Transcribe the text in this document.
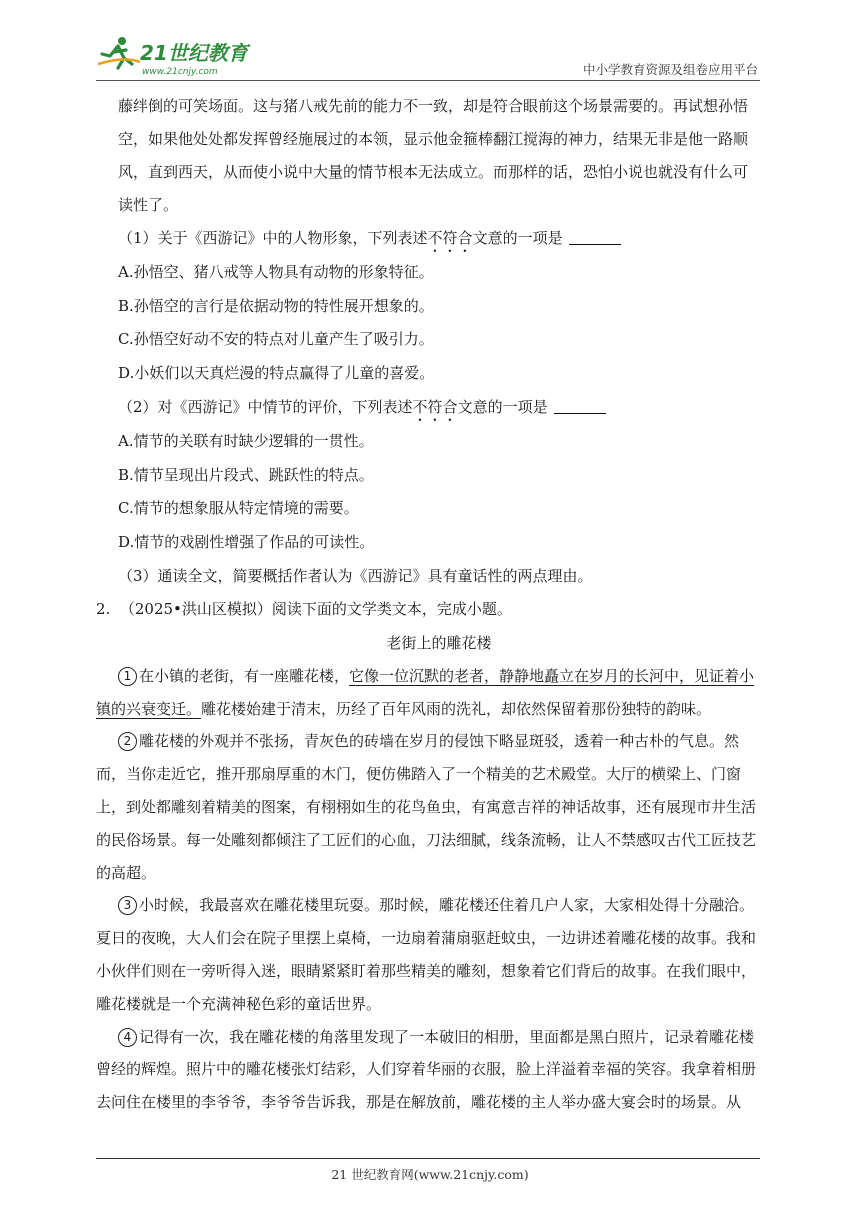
21世纪教育
www.21cnjy.com	中小学教育资源及组卷应用平台

藤绊倒的可笑场面。这与猪八戒先前的能力不一致，却是符合眼前这个场景需要的。再试想孙悟空，如果他处处都发挥曾经施展过的本领，显示他金箍棒翻江搅海的神力，结果无非是他一路顺风，直到西天，从而使小说中大量的情节根本无法成立。而那样的话，恐怕小说也就没有什么可读性了。

（1）关于《西游记》中的人物形象，下列表述不符合文意的一项是

A.孙悟空、猪八戒等人物具有动物的形象特征。

B.孙悟空的言行是依据动物的特性展开想象的。

C.孙悟空好动不安的特点对儿童产生了吸引力。

D.小妖们以天真烂漫的特点赢得了儿童的喜爱。

（2）对《西游记》中情节的评价，下列表述不符合文意的一项是

A.情节的关联有时缺少逻辑的一贯性。

B.情节呈现出片段式、跳跃性的特点。

C.情节的想象服从特定情境的需要。

D.情节的戏剧性增强了作品的可读性。

（3）通读全文，简要概括作者认为《西游记》具有童话性的两点理由。

2. （2025•洪山区模拟）阅读下面的文学类文本，完成小题。

老街上的雕花楼

1 在小镇的老街，有一座雕花楼，它像一位沉默的老者，静静地矗立在岁月的长河中，见证着小镇的兴衰变迁。雕花楼始建于清末，历经了百年风雨的洗礼，却依然保留着那份独特的韵味。

2 雕花楼的外观并不张扬，青灰色的砖墙在岁月的侵蚀下略显斑驳，透着一种古朴的气息。然而，当你走近它，推开那扇厚重的木门，便仿佛踏入了一个精美的艺术殿堂。大厅的横梁上、门窗上，到处都雕刻着精美的图案，有栩栩如生的花鸟鱼虫，有寓意吉祥的神话故事，还有展现市井生活的民俗场景。每一处雕刻都倾注了工匠们的心血，刀法细腻，线条流畅，让人不禁感叹古代工匠技艺的高超。

3 小时候，我最喜欢在雕花楼里玩耍。那时候，雕花楼还住着几户人家，大家相处得十分融洽。夏日的夜晚，大人们会在院子里摆上桌椅，一边扇着蒲扇驱赶蚊虫，一边讲述着雕花楼的故事。我和小伙伴们则在一旁听得入迷，眼睛紧紧盯着那些精美的雕刻，想象着它们背后的故事。在我们眼中，雕花楼就是一个充满神秘色彩的童话世界。

4 记得有一次，我在雕花楼的角落里发现了一本破旧的相册，里面都是黑白照片，记录着雕花楼曾经的辉煌。照片中的雕花楼张灯结彩，人们穿着华丽的衣服，脸上洋溢着幸福的笑容。我拿着相册去问住在楼里的李爷爷，李爷爷告诉我，那是在解放前，雕花楼的主人举办盛大宴会时的场景。从

21 世纪教育网(www.21cnjy.com)
